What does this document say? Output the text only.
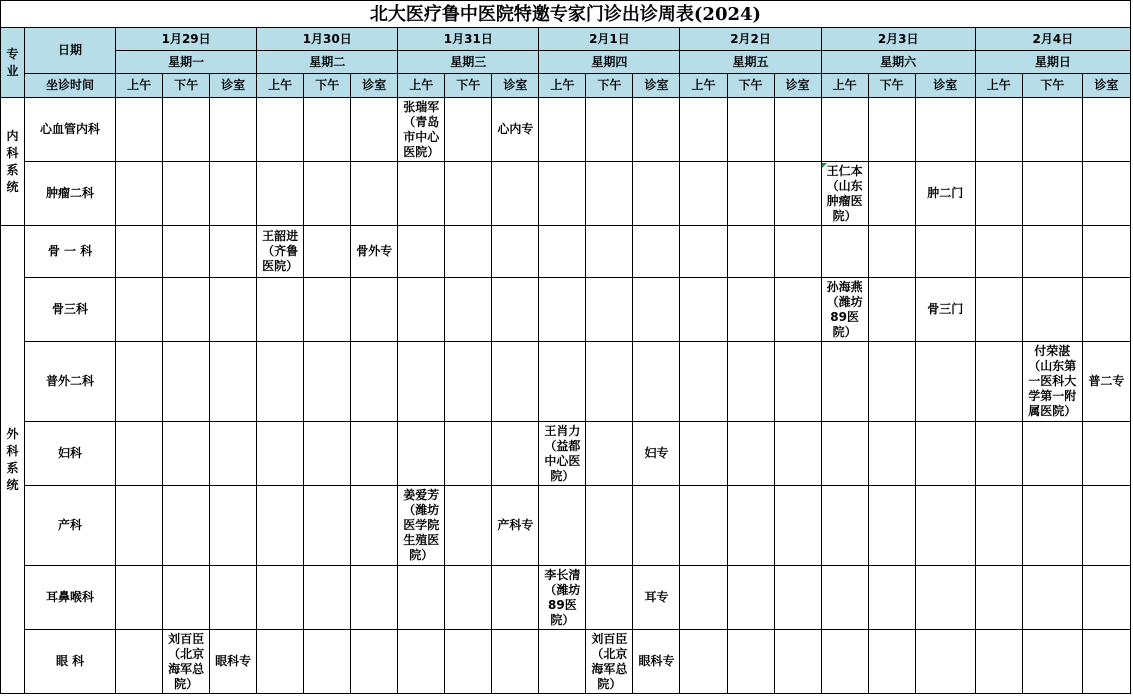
北大医疗鲁中医院特邀专家门诊出诊周表(2024)
专业	日期	1月29日			1月30日			1月31日			2月1日			2月2日			2月3日			2月4日		
		星期一			星期二			星期三			星期四			星期五			星期六			星期日		
	坐诊时间	上午	下午	诊室	上午	下午	诊室	上午	下午	诊室	上午	下午	诊室	上午	下午	诊室	上午	下午	诊室	上午	下午	诊室

内科系统	心血管内科							张瑞军（青岛市中心医院）		心内专												
	肿瘤二科																王仁本（山东肿瘤医院）		肿二门			

外科系统	骨 一 科				王韶进（齐鲁医院）		骨外专															
	骨三科																孙海燕（潍坊89医院）		骨三门			
	普外二科																				付荣湛（山东第一医科大学第一附属医院）	普二专
	妇科										王肖力（益都中心医院）		妇专									
	产科							姜爱芳（潍坊医学院生殖医院）		产科专												
	耳鼻喉科										李长清（潍坊89医院）		耳专									
	眼 科		刘百臣（北京海军总院）	眼科专								刘百臣（北京海军总院）	眼科专									
